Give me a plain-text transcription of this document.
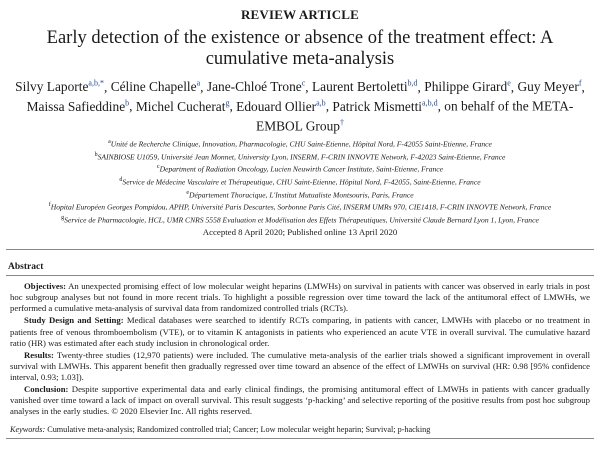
REVIEW ARTICLE
Early detection of the existence or absence of the treatment effect: A cumulative meta-analysis
Silvy Laporte$^{a,b,*}$, Céline Chapelle$^a$, Jane-Chloé Trone$^c$, Laurent Bertoletti$^{b,d}$, Philippe Girard$^e$, Guy Meyer$^f$, Maissa Safieddine$^b$, Michel Cucherat$^g$, Edouard Ollier$^{a,b}$, Patrick Mismetti$^{a,b,d}$, on behalf of the META-EMBOL Group†
$^a$Unité de Recherche Clinique, Innovation, Pharmacologie, CHU Saint-Etienne, Hôpital Nord, F-42055 Saint-Etienne, France
$^b$SAINBIOSE U1059, Université Jean Monnet, University Lyon, INSERM, F-CRIN INNOVTE Network, F-42023 Saint-Etienne, France
$^c$Department of Radiation Oncology, Lucien Neuwirth Cancer Institute, Saint-Etienne, France
$^d$Service de Médecine Vasculaire et Thérapeutique, CHU Saint-Etienne, Hôpital Nord, F-42055, Saint-Etienne, France
$^e$Département Thoracique, L'Institut Mutualiste Montsouris, Paris, France
$^f$Hopital Européen Georges Pompidou, APHP, Université Paris Descartes, Sorbonne Paris Cité, INSERM UMRs 970, CIE1418, F-CRIN INNOVTE Network, France
$^g$Service de Pharmacologie, HCL, UMR CNRS 5558 Evaluation et Modélisation des Effets Thérapeutiques, Université Claude Bernard Lyon 1, Lyon, France
Accepted 8 April 2020; Published online 13 April 2020
Abstract

Objectives: An unexpected promising effect of low molecular weight heparins (LMWHs) on survival in patients with cancer was observed in early trials in post hoc subgroup analyses but not found in more recent trials. To highlight a possible regression over time toward the lack of the antitumoral effect of LMWHs, we performed a cumulative meta-analysis of survival data from randomized controlled trials (RCTs).

Study Design and Setting: Medical databases were searched to identify RCTs comparing, in patients with cancer, LMWHs with placebo or no treatment in patients free of venous thromboembolism (VTE), or to vitamin K antagonists in patients who experienced an acute VTE in overall survival. The cumulative hazard ratio (HR) was estimated after each study inclusion in chronological order.

Results: Twenty-three studies (12,970 patients) were included. The cumulative meta-analysis of the earlier trials showed a significant improvement in overall survival with LMWHs. This apparent benefit then gradually regressed over time toward an absence of the effect of LMWHs on survival (HR: 0.98 [95% confidence interval, 0.93; 1.03]).

Conclusion: Despite supportive experimental data and early clinical findings, the promising antitumoral effect of LMWHs in patients with cancer gradually vanished over time toward a lack of impact on overall survival. This result suggests ‘p-hacking’ and selective reporting of the positive results from post hoc subgroup analyses in the early studies. © 2020 Elsevier Inc. All rights reserved.

Keywords: Cumulative meta-analysis; Randomized controlled trial; Cancer; Low molecular weight heparin; Survival; p-hacking
